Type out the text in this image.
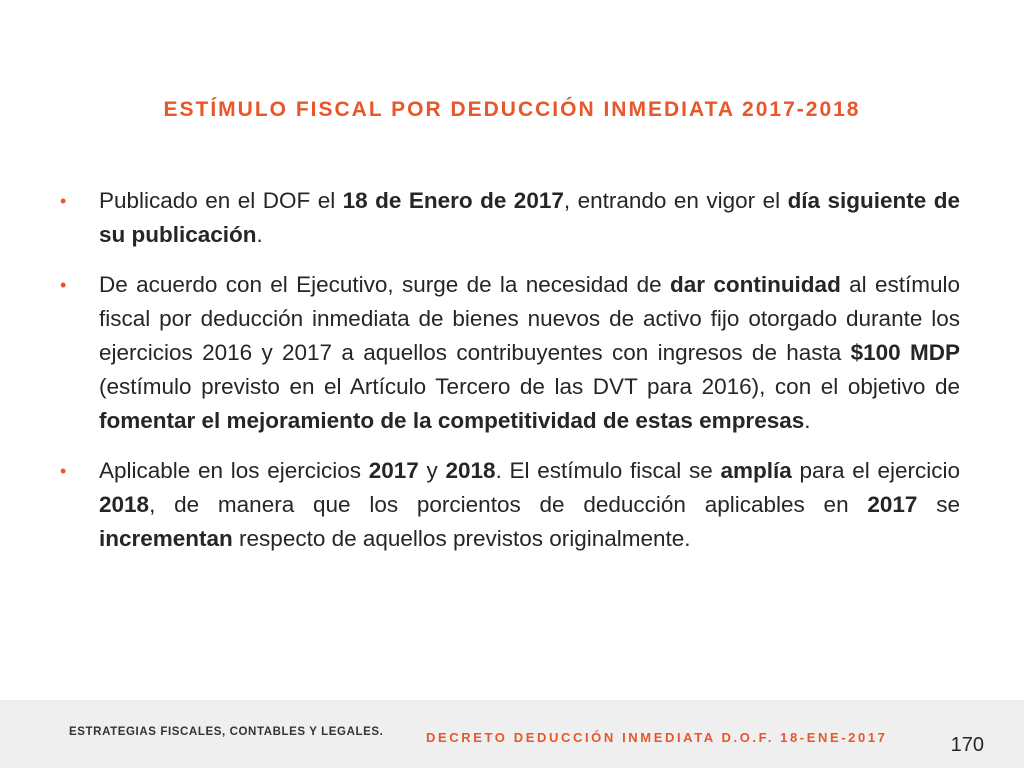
ESTÍMULO FISCAL POR DEDUCCIÓN INMEDIATA 2017-2018
• Publicado en el DOF el 18 de Enero de 2017, entrando en vigor el día siguiente de su publicación.
• De acuerdo con el Ejecutivo, surge de la necesidad de dar continuidad al estímulo fiscal por deducción inmediata de bienes nuevos de activo fijo otorgado durante los ejercicios 2016 y 2017 a aquellos contribuyentes con ingresos de hasta $100 MDP (estímulo previsto en el Artículo Tercero de las DVT para 2016), con el objetivo de fomentar el mejoramiento de la competitividad de estas empresas.
• Aplicable en los ejercicios 2017 y 2018. El estímulo fiscal se amplía para el ejercicio 2018, de manera que los porcientos de deducción aplicables en 2017 se incrementan respecto de aquellos previstos originalmente.
ESTRATEGIAS FISCALES, CONTABLES Y LEGALES.	DECRETO DEDUCCIÓN INMEDIATA D.O.F. 18-ENE-2017	170
